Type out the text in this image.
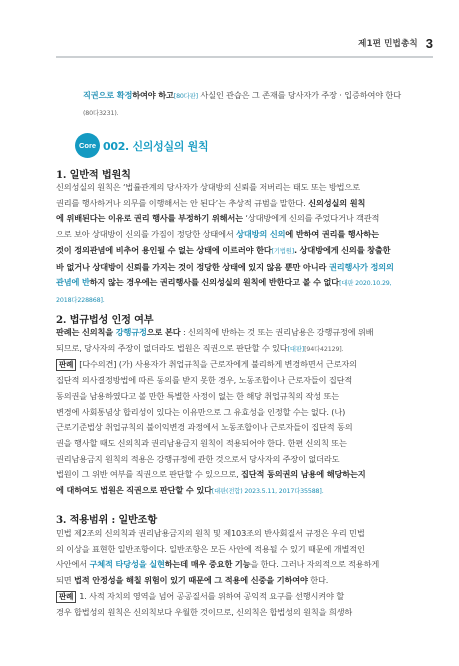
제1편 민법총칙 3
직권으로 확정하여야 하고[80다판] 사실인 관습은 그 존재를 당사자가 주장 · 입증하여야 한다
(80다3231).
Core 002. 신의성실의 원칙
1. 일반적 법원칙
신의성실의 원칙은 ‘법률관계의 당사자가 상대방의 신뢰를 저버리는 태도 또는 방법으로
권리를 행사하거나 의무를 이행해서는 안 된다’는 추상적 규범을 말한다. 신의성실의 원칙
에 위배된다는 이유로 권리 행사를 부정하기 위해서는 ‘상대방에게 신의를 주었다거나 객관적
으로 보아 상대방이 신의를 가짐이 정당한 상태에서 상대방의 신의에 반하여 권리를 행사하는
것이 정의관념에 비추어 용인될 수 없는 상태에 이르러야 한다[기법원]. 상대방에게 신의를 창출한
바 없거나 상대방이 신뢰를 가지는 것이 정당한 상태에 있지 않음 뿐만 아니라 권리행사가 정의의
관념에 반하지 않는 경우에는 권리행사를 신의성실의 원칙에 반한다고 볼 수 없다[대판 2020.10.29,
2018다228868].
2. 법규법성 인정 여부
판례는 신의칙을 강행규정으로 본다 : 신의칙에 반하는 것 또는 권리남용은 강행규정에 위배
되므로, 당사자의 주장이 없더라도 법원은 직권으로 판단할 수 있다[대판][94다42129].
판례 [다수의견] (가) 사용자가 취업규칙을 근로자에게 불리하게 변경하면서 근로자의
집단적 의사결정방법에 따른 동의를 받지 못한 경우, 노동조합이나 근로자들이 집단적
동의권을 남용하였다고 볼 만한 특별한 사정이 없는 한 해당 취업규칙의 작성 또는
변경에 사회통념상 합리성이 있다는 이유만으로 그 유효성을 인정할 수는 없다. (나)
근로기준법상 취업규칙의 불이익변경 과정에서 노동조합이나 근로자들이 집단적 동의
권을 행사할 때도 신의칙과 권리남용금지 원칙이 적용되어야 한다. 한편 신의칙 또는
권리남용금지 원칙의 적용은 강행규정에 관한 것으로서 당사자의 주장이 없더라도
법원이 그 위반 여부를 직권으로 판단할 수 있으므로, 집단적 동의권의 남용에 해당하는지
에 대하여도 법원은 직권으로 판단할 수 있다[대판(전합) 2023.5.11, 2017다35588].
3. 적용범위 : 일반조항
민법 제2조의 신의칙과 권리남용금지의 원칙 및 제103조의 반사회질서 규정은 우리 민법
의 이상을 표현한 일반조항이다. 일반조항은 모든 사안에 적용될 수 있기 때문에 개별적인
사안에서 구체적 타당성을 실현하는데 매우 중요한 기능을 한다. 그러나 자의적으로 적용하게
되면 법적 안정성을 해칠 위험이 있기 때문에 그 적용에 신중을 기하여야 한다.
판례 1. 사적 자치의 영역을 넘어 공공질서를 위하여 공익적 요구를 선행시켜야 할
경우 합법성의 원칙은 신의칙보다 우월한 것이므로, 신의칙은 합법성의 원칙을 희생하
